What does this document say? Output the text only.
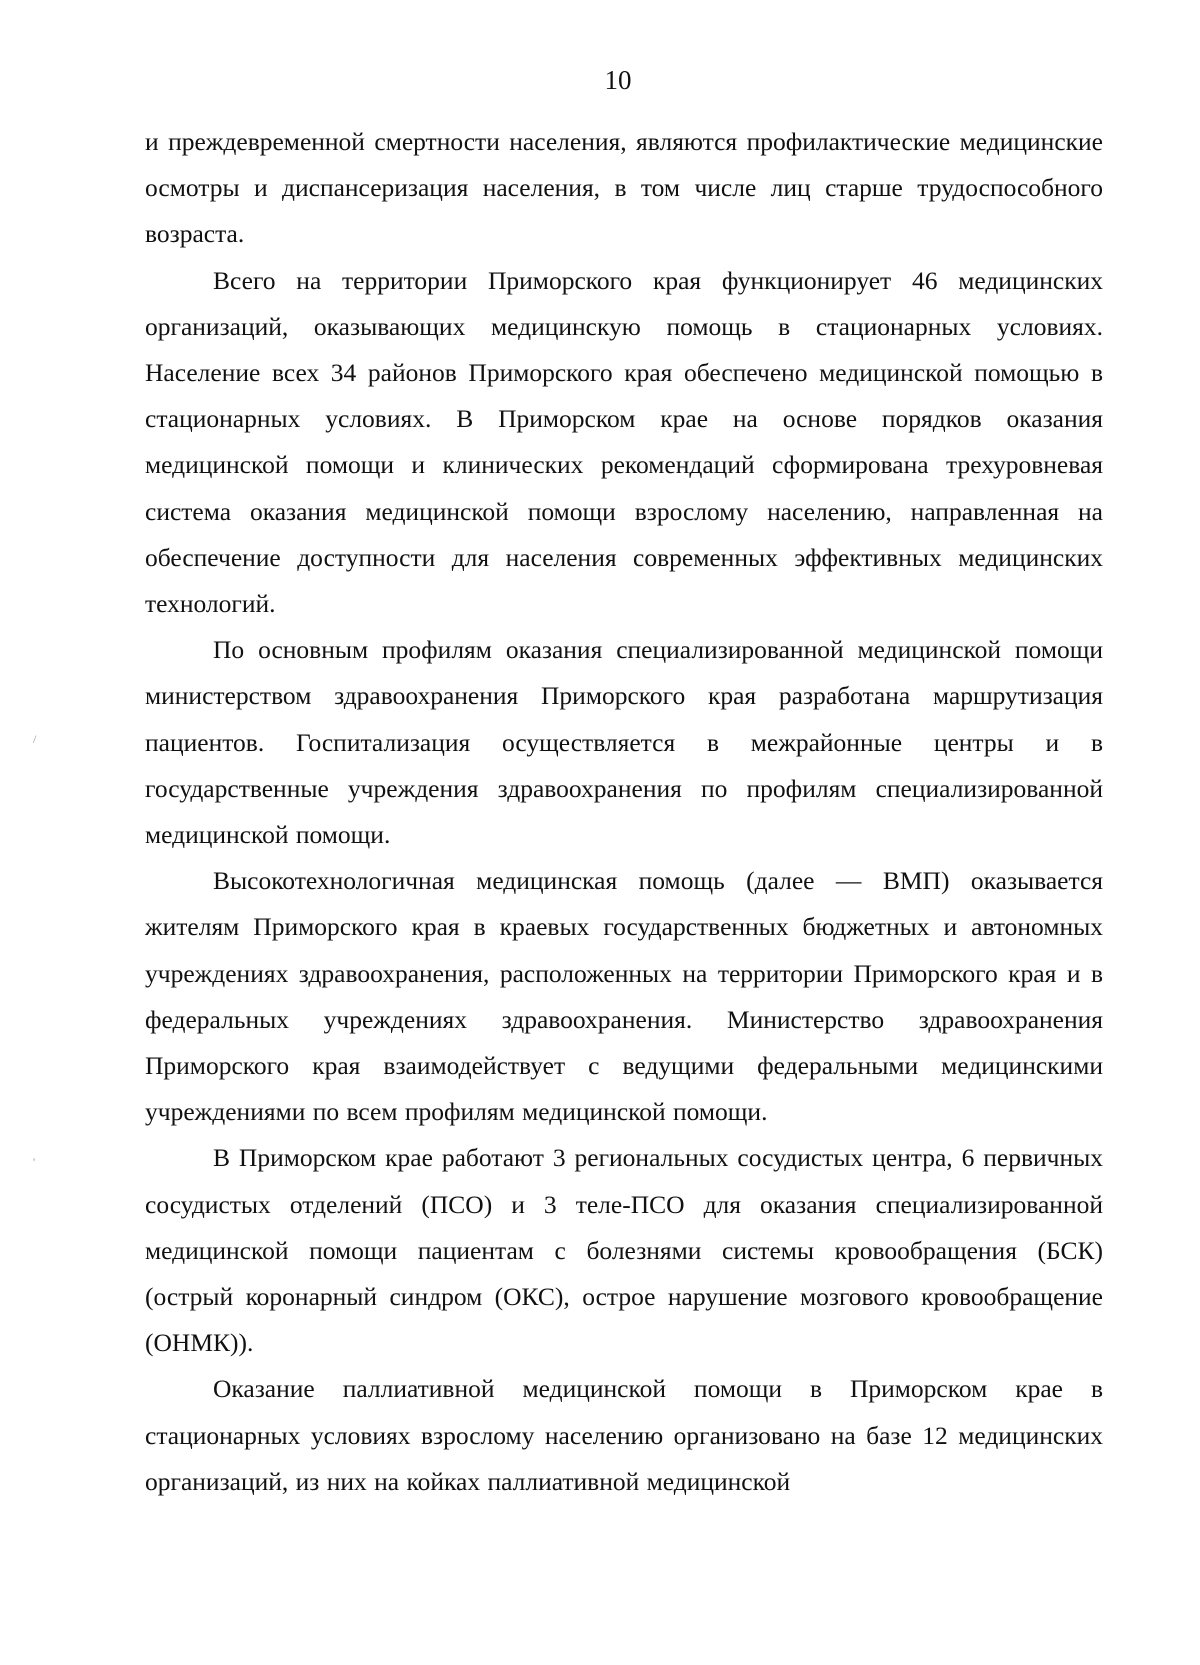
10
/
'

и преждевременной смертности населения, являются профилактические медицинские осмотры и диспансеризация населения, в том числе лиц старше трудоспособного возраста.

Всего на территории Приморского края функционирует 46 медицинских организаций, оказывающих медицинскую помощь в стационарных условиях. Население всех 34 районов Приморского края обеспечено медицинской помощью в стационарных условиях. В Приморском крае на основе порядков оказания медицинской помощи и клинических рекомендаций сформирована трехуровневая система оказания медицинской помощи взрослому населению, направленная на обеспечение доступности для населения современных эффективных медицинских технологий.

По основным профилям оказания специализированной медицинской помощи министерством здравоохранения Приморского края разработана маршрутизация пациентов. Госпитализация осуществляется в межрайонные центры и в государственные учреждения здравоохранения по профилям специализированной медицинской помощи.

Высокотехнологичная медицинская помощь (далее — ВМП) оказывается жителям Приморского края в краевых государственных бюджетных и автономных учреждениях здравоохранения, расположенных на территории Приморского края и в федеральных учреждениях здравоохранения. Министерство здравоохранения Приморского края взаимодействует с ведущими федеральными медицинскими учреждениями по всем профилям медицинской помощи.

В Приморском крае работают 3 региональных сосудистых центра, 6 первичных сосудистых отделений (ПСО) и 3 теле-ПСО для оказания специализированной медицинской помощи пациентам с болезнями системы кровообращения (БСК) (острый коронарный синдром (ОКС), острое нарушение мозгового кровообращение (ОНМК)).

Оказание паллиативной медицинской помощи в Приморском крае в стационарных условиях взрослому населению организовано на базе 12 медицинских организаций, из них на койках паллиативной медицинской
